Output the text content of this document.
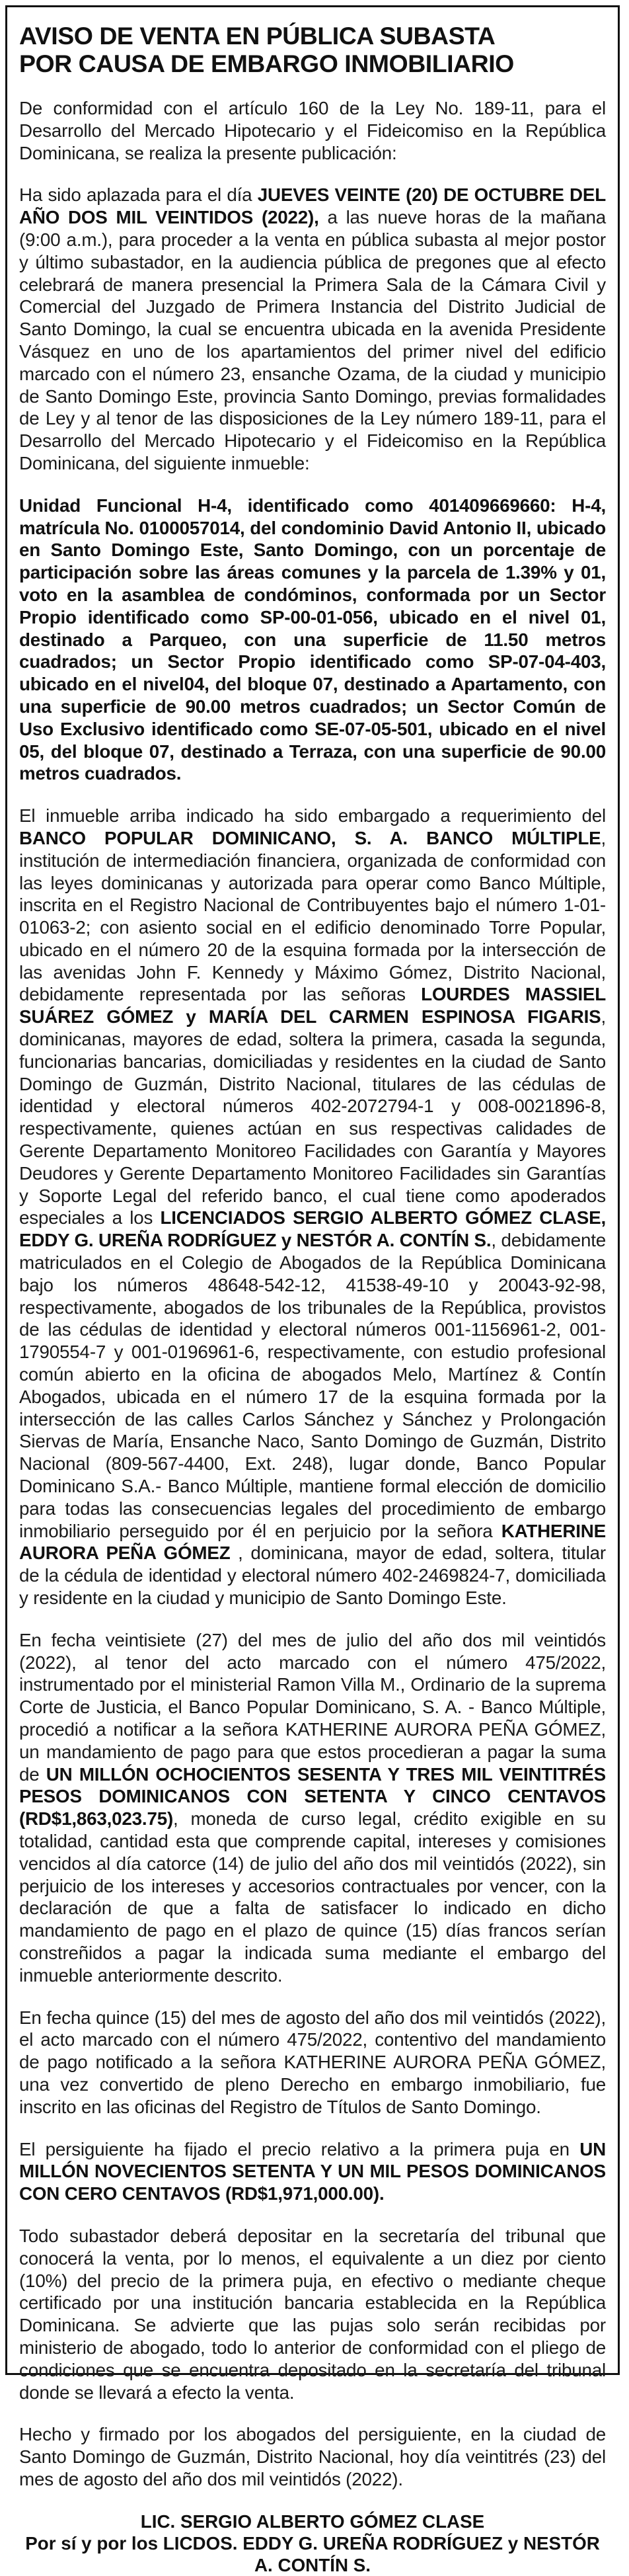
AVISO DE VENTA EN PÚBLICA SUBASTA
POR CAUSA DE EMBARGO INMOBILIARIO

De conformidad con el artículo 160 de la Ley No. 189-11, para el Desarrollo del Mercado Hipotecario y el Fideicomiso en la República Dominicana, se realiza la presente publicación:

Ha sido aplazada para el día JUEVES VEINTE (20) DE OCTUBRE DEL AÑO DOS MIL VEINTIDOS (2022), a las nueve horas de la mañana (9:00 a.m.), para proceder a la venta en pública subasta al mejor postor y último subastador, en la audiencia pública de pregones que al efecto celebrará de manera presencial la Primera Sala de la Cámara Civil y Comercial del Juzgado de Primera Instancia del Distrito Judicial de Santo Domingo, la cual se encuentra ubicada en la avenida Presidente Vásquez en uno de los apartamientos del primer nivel del edificio marcado con el número 23, ensanche Ozama, de la ciudad y municipio de Santo Domingo Este, provincia Santo Domingo, previas formalidades de Ley y al tenor de las disposiciones de la Ley número 189-11, para el Desarrollo del Mercado Hipotecario y el Fideicomiso en la República Dominicana, del siguiente inmueble:

Unidad Funcional H-4, identificado como 401409669660: H-4, matrícula No. 0100057014, del condominio David Antonio II, ubicado en Santo Domingo Este, Santo Domingo, con un porcentaje de participación sobre las áreas comunes y la parcela de 1.39% y 01, voto en la asamblea de condóminos, conformada por un Sector Propio identificado como SP-00-01-056, ubicado en el nivel 01, destinado a Parqueo, con una superficie de 11.50 metros cuadrados; un Sector Propio identificado como SP-07-04-403, ubicado en el nivel04, del bloque 07, destinado a Apartamento, con una superficie de 90.00 metros cuadrados; un Sector Común de Uso Exclusivo identificado como SE-07-05-501, ubicado en el nivel 05, del bloque 07, destinado a Terraza, con una superficie de 90.00 metros cuadrados.

El inmueble arriba indicado ha sido embargado a requerimiento del BANCO POPULAR DOMINICANO, S. A. BANCO MÚLTIPLE, institución de intermediación financiera, organizada de conformidad con las leyes dominicanas y autorizada para operar como Banco Múltiple, inscrita en el Registro Nacional de Contribuyentes bajo el número 1-01-01063-2; con asiento social en el edificio denominado Torre Popular, ubicado en el número 20 de la esquina formada por la intersección de las avenidas John F. Kennedy y Máximo Gómez, Distrito Nacional, debidamente representada por las señoras LOURDES MASSIEL SUÁREZ GÓMEZ y MARÍA DEL CARMEN ESPINOSA FIGARIS, dominicanas, mayores de edad, soltera la primera, casada la segunda, funcionarias bancarias, domiciliadas y residentes en la ciudad de Santo Domingo de Guzmán, Distrito Nacional, titulares de las cédulas de identidad y electoral números 402-2072794-1 y 008-0021896-8, respectivamente, quienes actúan en sus respectivas calidades de Gerente Departamento Monitoreo Facilidades con Garantía y Mayores Deudores y Gerente Departamento Monitoreo Facilidades sin Garantías y Soporte Legal del referido banco, el cual tiene como apoderados especiales a los LICENCIADOS SERGIO ALBERTO GÓMEZ CLASE, EDDY G. UREÑA RODRÍGUEZ y NESTÓR A. CONTÍN S., debidamente matriculados en el Colegio de Abogados de la República Dominicana bajo los números 48648-542-12, 41538-49-10 y 20043-92-98, respectivamente, abogados de los tribunales de la República, provistos de las cédulas de identidad y electoral números 001-1156961-2, 001-1790554-7 y 001-0196961-6, respectivamente, con estudio profesional común abierto en la oficina de abogados Melo, Martínez & Contín Abogados, ubicada en el número 17 de la esquina formada por la intersección de las calles Carlos Sánchez y Sánchez y Prolongación Siervas de María, Ensanche Naco, Santo Domingo de Guzmán, Distrito Nacional (809-567-4400, Ext. 248), lugar donde, Banco Popular Dominicano S.A.- Banco Múltiple, mantiene formal elección de domicilio para todas las consecuencias legales del procedimiento de embargo inmobiliario perseguido por él en perjuicio por la señora KATHERINE AURORA PEÑA GÓMEZ , dominicana, mayor de edad, soltera, titular de la cédula de identidad y electoral número 402-2469824-7, domiciliada y residente en la ciudad y municipio de Santo Domingo Este.

En fecha veintisiete (27) del mes de julio del año dos mil veintidós (2022), al tenor del acto marcado con el número 475/2022, instrumentado por el ministerial Ramon Villa M., Ordinario de la suprema Corte de Justicia, el Banco Popular Dominicano, S. A. - Banco Múltiple, procedió a notificar a la señora KATHERINE AURORA PEÑA GÓMEZ, un mandamiento de pago para que estos procedieran a pagar la suma de UN MILLÓN OCHOCIENTOS SESENTA Y TRES MIL VEINTITRÉS PESOS DOMINICANOS CON SETENTA Y CINCO CENTAVOS (RD$1,863,023.75), moneda de curso legal, crédito exigible en su totalidad, cantidad esta que comprende capital, intereses y comisiones vencidos al día catorce (14) de julio del año dos mil veintidós (2022), sin perjuicio de los intereses y accesorios contractuales por vencer, con la declaración de que a falta de satisfacer lo indicado en dicho mandamiento de pago en el plazo de quince (15) días francos serían constreñidos a pagar la indicada suma mediante el embargo del inmueble anteriormente descrito.

En fecha quince (15) del mes de agosto del año dos mil veintidós (2022), el acto marcado con el número 475/2022, contentivo del mandamiento de pago notificado a la señora KATHERINE AURORA PEÑA GÓMEZ, una vez convertido de pleno Derecho en embargo inmobiliario, fue inscrito en las oficinas del Registro de Títulos de Santo Domingo.

El persiguiente ha fijado el precio relativo a la primera puja en UN MILLÓN NOVECIENTOS SETENTA Y UN MIL PESOS DOMINICANOS CON CERO CENTAVOS (RD$1,971,000.00).

Todo subastador deberá depositar en la secretaría del tribunal que conocerá la venta, por lo menos, el equivalente a un diez por ciento (10%) del precio de la primera puja, en efectivo o mediante cheque certificado por una institución bancaria establecida en la República Dominicana. Se advierte que las pujas solo serán recibidas por ministerio de abogado, todo lo anterior de conformidad con el pliego de condiciones que se encuentra depositado en la secretaría del tribunal donde se llevará a efecto la venta.

Hecho y firmado por los abogados del persiguiente, en la ciudad de Santo Domingo de Guzmán, Distrito Nacional, hoy día veintitrés (23) del mes de agosto del año dos mil veintidós (2022).

LIC. SERGIO ALBERTO GÓMEZ CLASE

Por sí y por los LICDOS. EDDY G. UREÑA RODRÍGUEZ y NESTÓR

A. CONTÍN S.
